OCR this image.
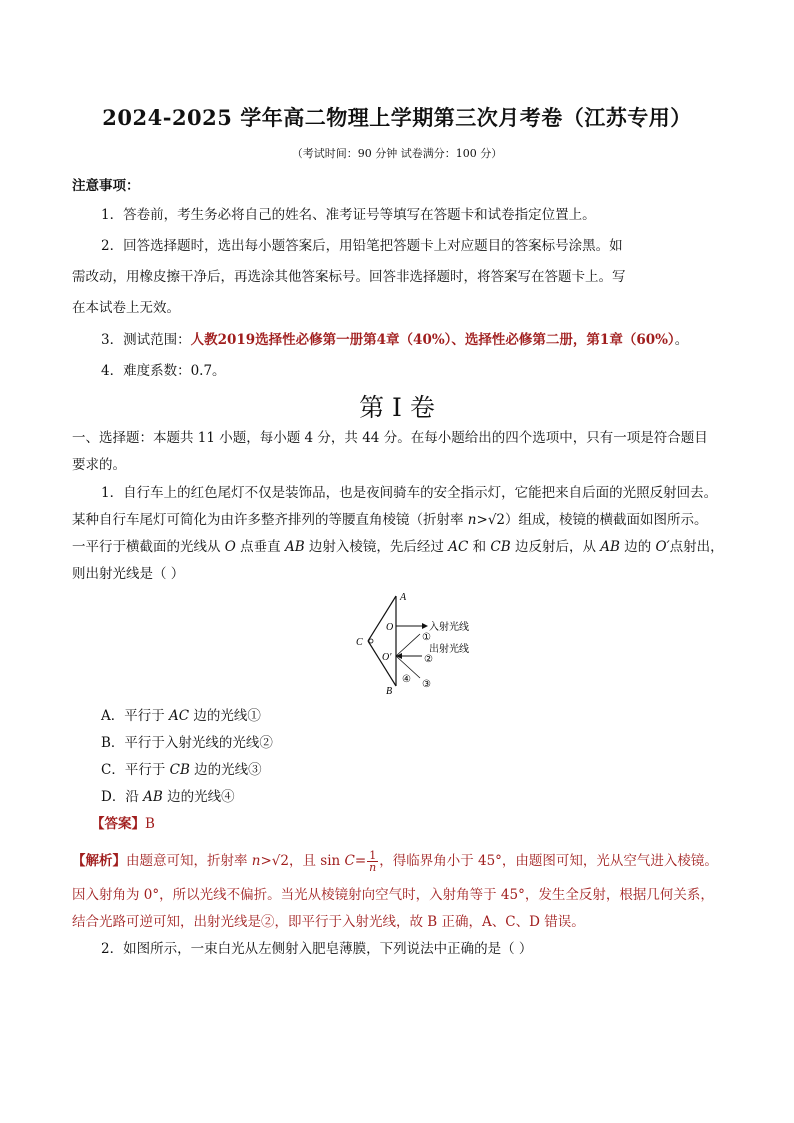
2024-2025 学年高二物理上学期第三次月考卷（江苏专用）
（考试时间：90 分钟 试卷满分：100 分）
注意事项：
1．答卷前，考生务必将自己的姓名、准考证号等填写在答题卡和试卷指定位置上。
2．回答选择题时，选出每小题答案后，用铅笔把答题卡上对应题目的答案标号涂黑。如
需改动，用橡皮擦干净后，再选涂其他答案标号。回答非选择题时，将答案写在答题卡上。写
在本试卷上无效。
3．测试范围：人教2019选择性必修第一册第4章（40%）、选择性必修第二册，第1章（60%）。
4．难度系数：0.7。
第 I 卷
一、选择题：本题共 11 小题，每小题 4 分，共 44 分。在每小题给出的四个选项中，只有一项是符合题目
要求的。
1．自行车上的红色尾灯不仅是装饰品，也是夜间骑车的安全指示灯，它能把来自后面的光照反射回去。
某种自行车尾灯可简化为由许多整齐排列的等腰直角棱镜（折射率 n>√2）组成，棱镜的横截面如图所示。
一平行于横截面的光线从 O 点垂直 AB 边射入棱镜，先后经过 AC 和 CB 边反射后，从 AB 边的 O′点射出，
则出射光线是（ ）
A
B
C
O
O′
入射光线
①
出射光线
②
③
④
A．平行于 AC 边的光线①
B．平行于入射光线的光线②
C．平行于 CB 边的光线③
D．沿 AB 边的光线④
【答案】B
【解析】由题意可知，折射率 n>√2，且 $\sin C= \frac{1}{n}$ ，得临界角小于 45°，由题图可知，光从空气进入棱镜。
因入射角为 0°，所以光线不偏折。当光从棱镜射向空气时，入射角等于 45°，发生全反射，根据几何关系，
结合光路可逆可知，出射光线是②，即平行于入射光线，故 B 正确，A、C、D 错误。
2．如图所示，一束白光从左侧射入肥皂薄膜，下列说法中正确的是（ ）
